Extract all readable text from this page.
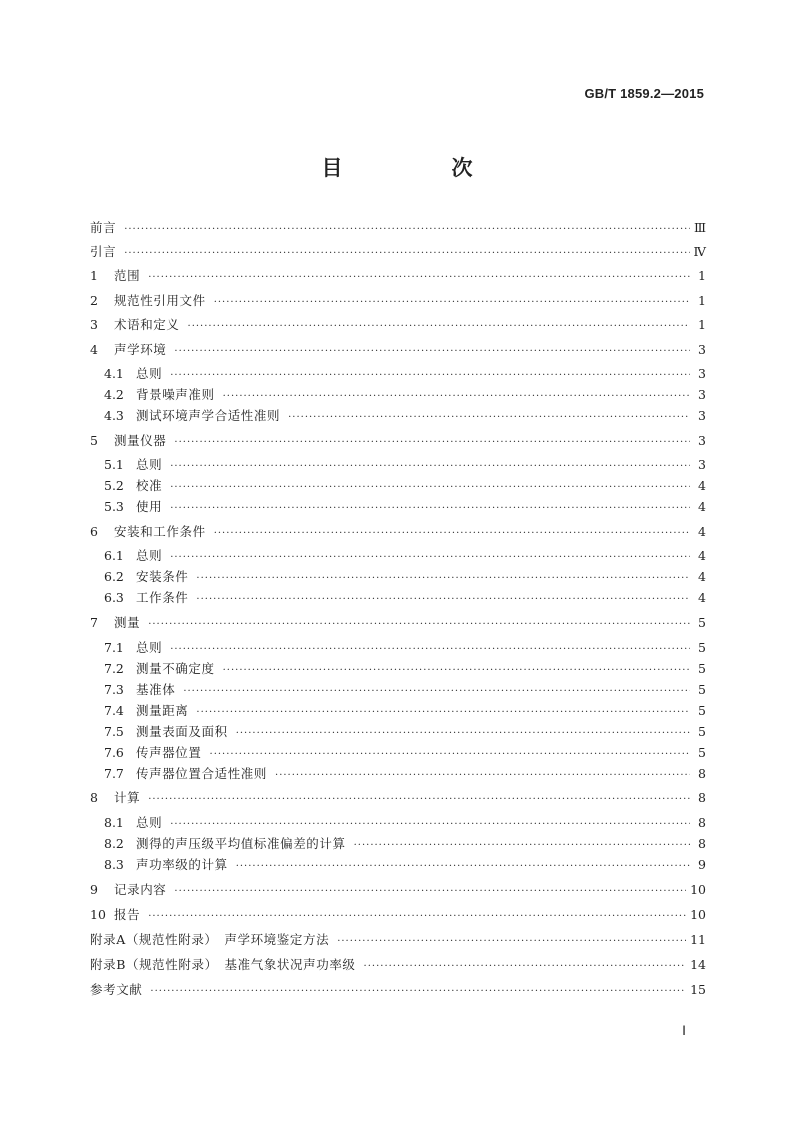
GB/T 1859.2—2015
目　次
前言 ·····	Ⅲ
引言 ·····	Ⅳ
1	范围 ·····	1
2	规范性引用文件 ·····	1
3	术语和定义 ·····	1
4	声学环境 ·····	3
4.1 总则 ·····	3
4.2 背景噪声准则 ·····	3
4.3 测试环境声学合适性准则 ·····	3
5	测量仪器 ·····	3
5.1 总则 ·····	3
5.2 校准 ·····	4
5.3 使用 ·····	4
6	安装和工作条件 ·····	4
6.1 总则 ·····	4
6.2 安装条件 ·····	4
6.3 工作条件 ·····	4
7	测量 ·····	5
7.1 总则 ·····	5
7.2 测量不确定度 ·····	5
7.3 基准体 ·····	5
7.4 测量距离 ·····	5
7.5 测量表面及面积 ·····	5
7.6 传声器位置 ·····	5
7.7 传声器位置合适性准则 ·····	8
8	计算 ·····	8
8.1 总则 ·····	8
8.2 测得的声压级平均值标准偏差的计算 ·····	8
8.3 声功率级的计算 ·····	9
9	记录内容 ·····	10
10 报告 ·····	10
附录A（规范性附录）　声学环境鉴定方法 ·····	11
附录B（规范性附录）　基准气象状况声功率级 ·····	14
参考文献 ·····	15
Ⅰ
